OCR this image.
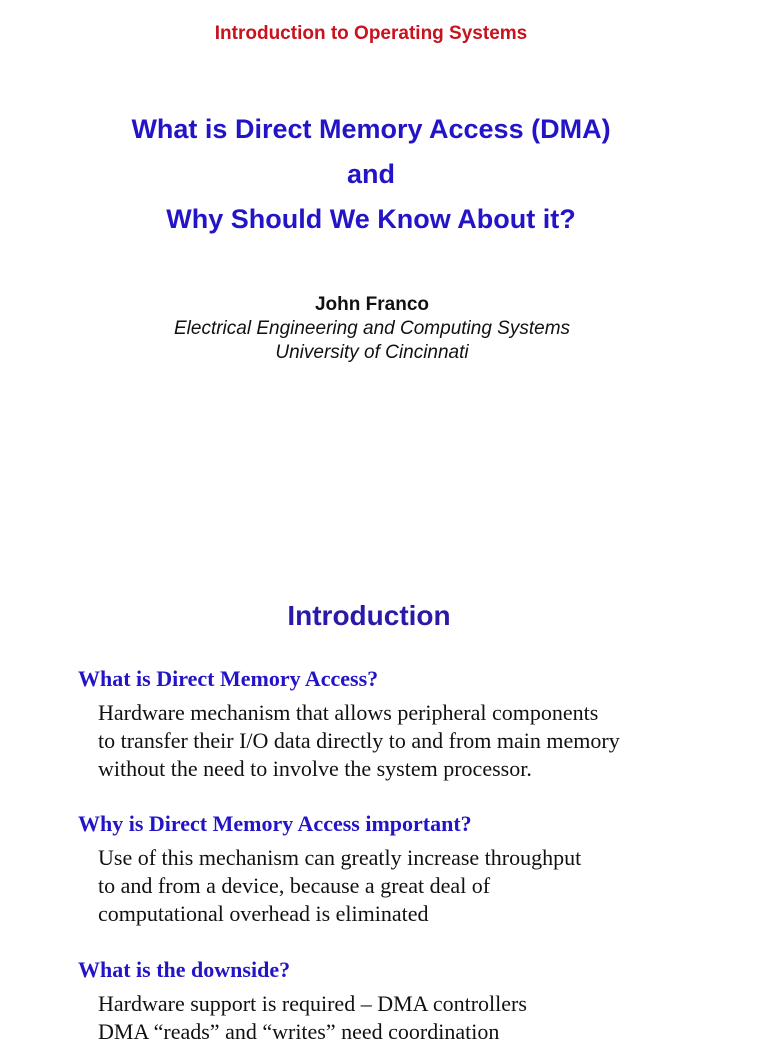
Introduction to Operating Systems
What is Direct Memory Access (DMA)
and
Why Should We Know About it?
John Franco
Electrical Engineering and Computing Systems
University of Cincinnati
Introduction
What is Direct Memory Access?
Hardware mechanism that allows peripheral components
to transfer their I/O data directly to and from main memory
without the need to involve the system processor.
Why is Direct Memory Access important?
Use of this mechanism can greatly increase throughput
to and from a device, because a great deal of
computational overhead is eliminated
What is the downside?
Hardware support is required – DMA controllers
DMA “reads” and “writes” need coordination
